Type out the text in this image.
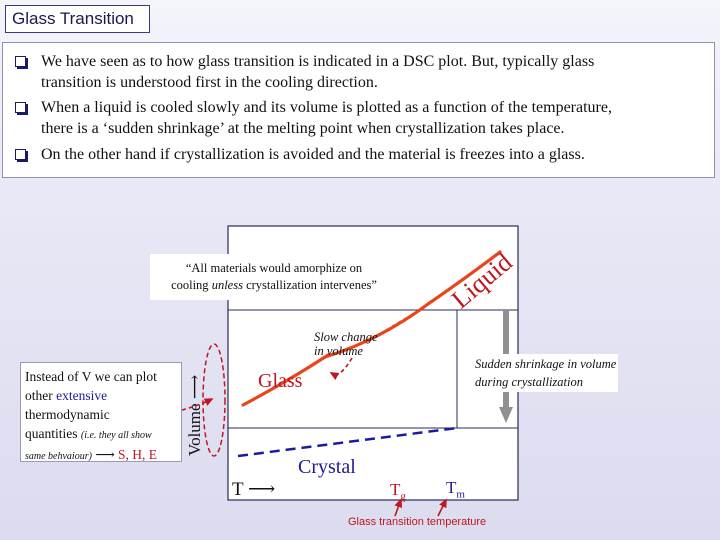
Glass Transition
We have seen as to how glass transition is indicated in a DSC plot. But, typically glass
transition is understood first in the cooling direction.
When a liquid is cooled slowly and its volume is plotted as a function of the temperature,
there is a ‘sudden shrinkage’ at the melting point when crystallization takes place.
On the other hand if crystallization is avoided and the material is freezes into a glass.
“All materials would amorphize on
cooling unless crystallization intervenes”
Instead of V we can plot
other extensive
thermodynamic
quantities (i.e. they all show
same behvaiour) ⟶ S, H, E	Volume ⟶
T ⟶
Liquid
Glass
Crystal
Slow change
in volume
Sudden shrinkage in volume
during crystallization
$T_g$ $T_m$
Glass transition temperature
